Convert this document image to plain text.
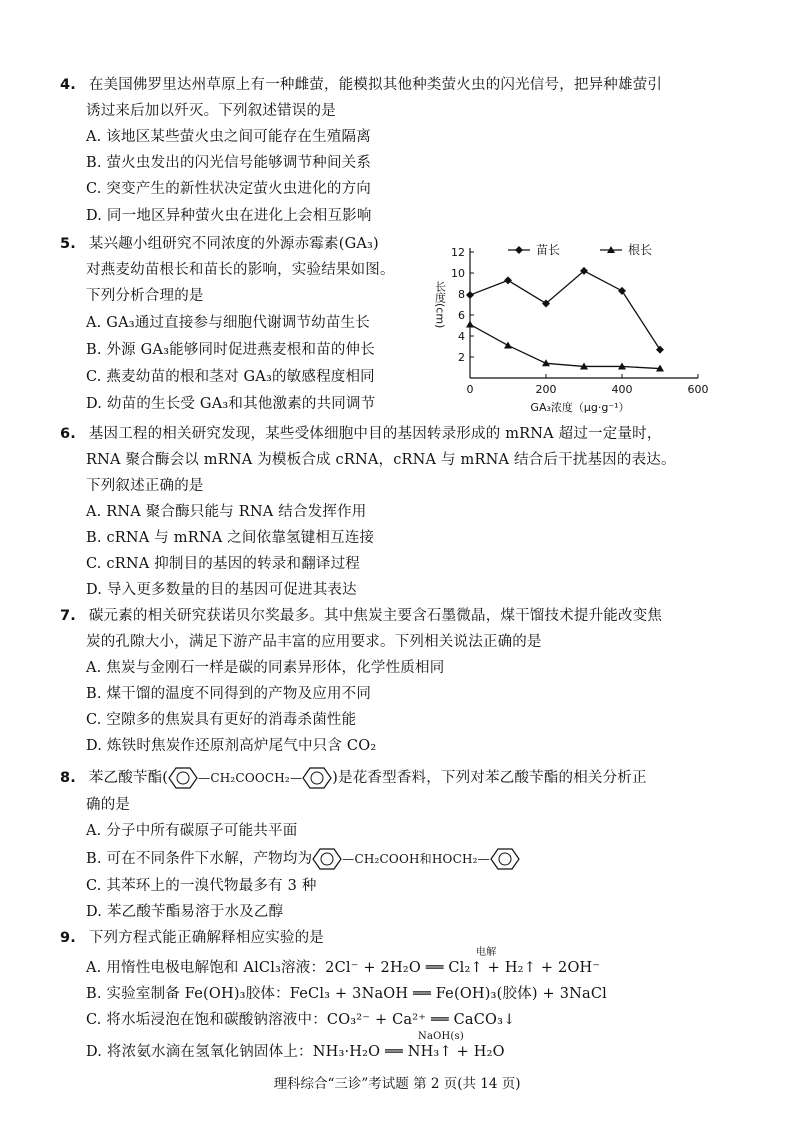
4. 在美国佛罗里达州草原上有一种雌萤，能模拟其他种类萤火虫的闪光信号，把异种雄萤引
诱过来后加以歼灭。下列叙述错误的是
A. 该地区某些萤火虫之间可能存在生殖隔离
B. 萤火虫发出的闪光信号能够调节种间关系
C. 突变产生的新性状决定萤火虫进化的方向
D. 同一地区异种萤火虫在进化上会相互影响
5. 某兴趣小组研究不同浓度的外源赤霉素(GA₃)
对燕麦幼苗根长和苗长的影响，实验结果如图。
下列分析合理的是
A. GA₃通过直接参与细胞代谢调节幼苗生长
B. 外源 GA₃能够同时促进燕麦根和苗的伸长
C. 燕麦幼苗的根和茎对 GA₃的敏感程度相同
D. 幼苗的生长受 GA₃和其他激素的共同调节
2
4
6
8
10
12
0	200	400	600
长度(cm)
GA₃浓度（μg·g⁻¹）
苗长	根长
6. 基因工程的相关研究发现，某些受体细胞中目的基因转录形成的 mRNA 超过一定量时，
RNA 聚合酶会以 mRNA 为模板合成 cRNA，cRNA 与 mRNA 结合后干扰基因的表达。
下列叙述正确的是
A. RNA 聚合酶只能与 RNA 结合发挥作用
B. cRNA 与 mRNA 之间依靠氢键相互连接
C. cRNA 抑制目的基因的转录和翻译过程
D. 导入更多数量的目的基因可促进其表达
7. 碳元素的相关研究获诺贝尔奖最多。其中焦炭主要含石墨微晶，煤干馏技术提升能改变焦
炭的孔隙大小，满足下游产品丰富的应用要求。下列相关说法正确的是
A. 焦炭与金刚石一样是碳的同素异形体，化学性质相同
B. 煤干馏的温度不同得到的产物及应用不同
C. 空隙多的焦炭具有更好的消毒杀菌性能
D. 炼铁时焦炭作还原剂高炉尾气中只含 CO₂
8. 苯乙酸苄酯(	—CH₂COOCH₂— )是花香型香料，下列对苯乙酸苄酯的相关分析正
确的是
A. 分子中所有碳原子可能共平面
B. 可在不同条件下水解，产物均为	—CH₂COOH和HOCH₂—
C. 其苯环上的一溴代物最多有 3 种
D. 苯乙酸苄酯易溶于水及乙醇
9. 下列方程式能正确解释相应实验的是
电解
A. 用惰性电极电解饱和 AlCl₃溶液：2Cl⁻ + 2H₂O ══ Cl₂↑ + H₂↑ + 2OH⁻
B. 实验室制备 Fe(OH)₃胶体：FeCl₃ + 3NaOH ══ Fe(OH)₃(胶体) + 3NaCl
C. 将水垢浸泡在饱和碳酸钠溶液中：CO₃²⁻ + Ca²⁺ ══ CaCO₃↓
NaOH(s)
D. 将浓氨水滴在氢氧化钠固体上：NH₃·H₂O ══ NH₃↑ + H₂O
理科综合“三诊”考试题 第 2 页(共 14 页)
